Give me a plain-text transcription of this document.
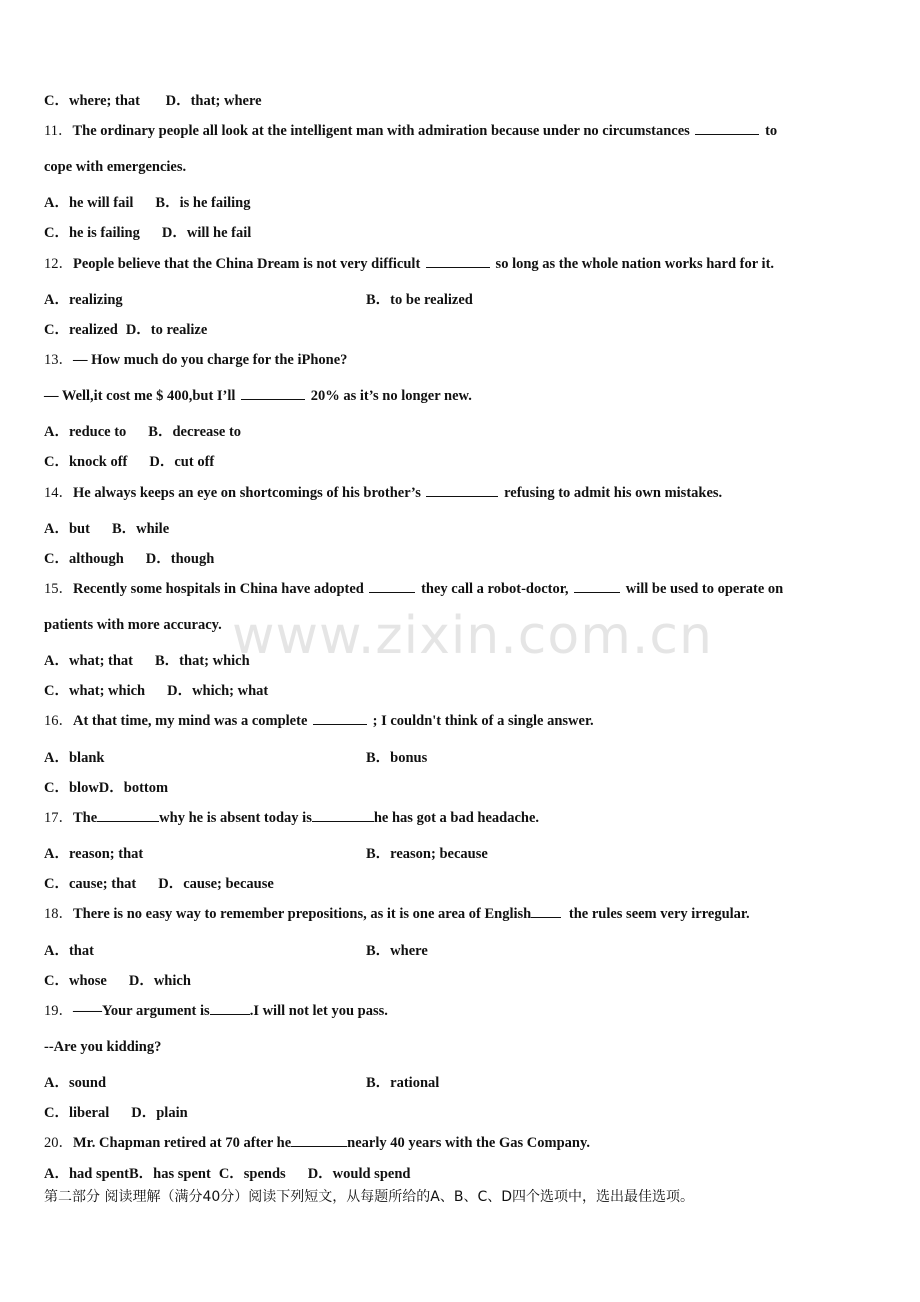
www.zixin.com.cn
C．where; that D．that; where
11．The ordinary people all look at the intelligent man with admiration because under no circumstances	to
cope with emergencies.
A．he will fail B．is he failing
C．he is failing D．will he fail
12．People believe that the China Dream is not very difficult	so long as the whole nation works hard for it.
A．realizing	B．to be realized
C．realized D．to realize
13．— How much do you charge for the iPhone?
— Well,it cost me $ 400,but I’ll	20% as it’s no longer new.
A．reduce to B．decrease to
C．knock off D．cut off
14．He always keeps an eye on shortcomings of his brother’s	refusing to admit his own mistakes.
A．but B．while
C．although D．though
15．Recently some hospitals in China have adopted	they call a robot-doctor,	will be used to operate on
patients with more accuracy.
A．what; that B．that; which
C．what; which D．which; what
16．At that time, my mind was a complete	; I couldn't think of a single answer.
A．blank	B．bonus
C．blowD．bottom
17．The	why he is absent today is	he has got a bad headache.
A．reason; that	B．reason; because
C．cause; that D．cause; because
18．There is no easy way to remember prepositions, as it is one area of English	the rules seem very irregular.
A．that	B．where
C．whose D．which
19．——Your argument is	.I will not let you pass.
--Are you kidding?
A．sound	B．rational
C．liberal D．plain
20．Mr. Chapman retired at 70 after he	nearly 40 years with the Gas Company.
A．had spentB．has spent C．spends D．would spend
第二部分 阅读理解（满分40分）阅读下列短文，从每题所给的A、B、C、D四个选项中，选出最佳选项。
